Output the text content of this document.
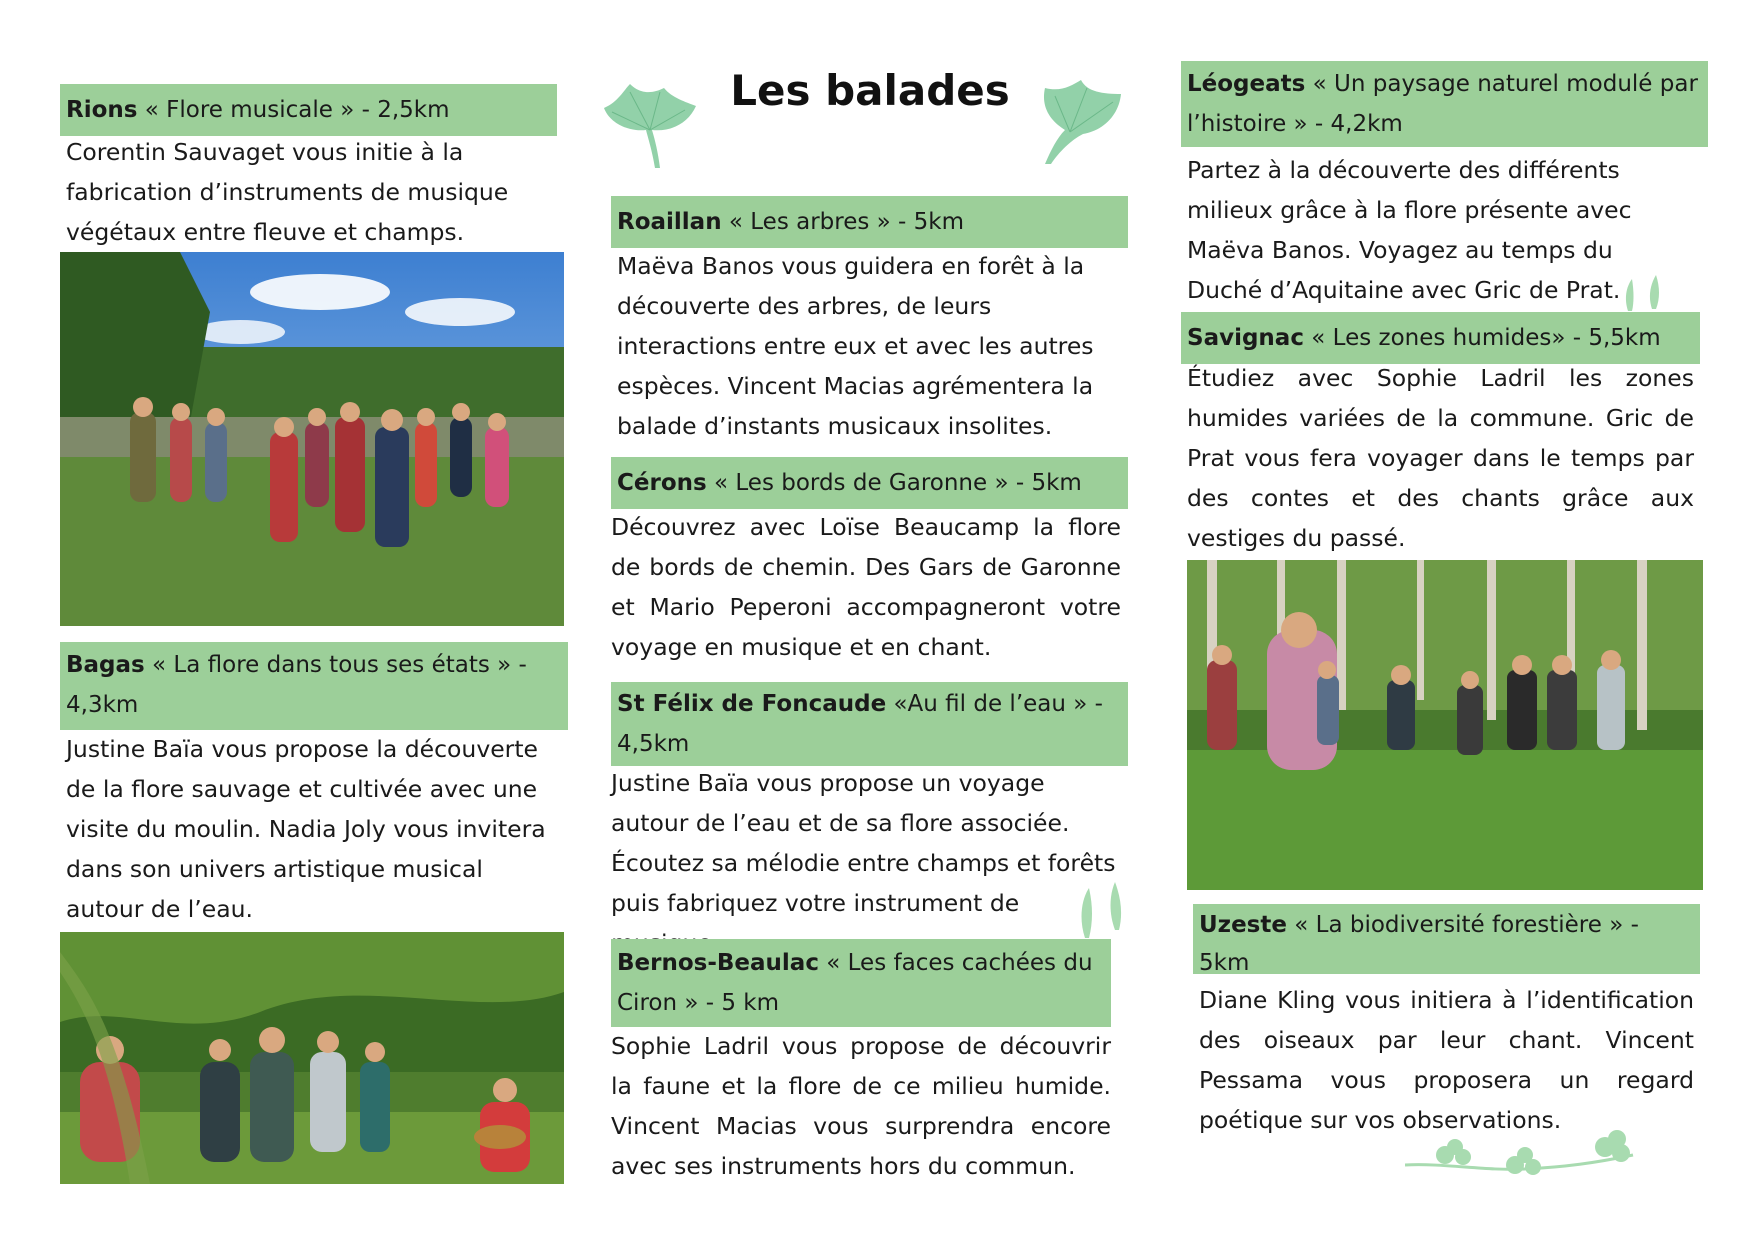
Les balades
Rions « Flore musicale » - 2,5km
Corentin Sauvaget vous initie à la fabrication d’instruments de musique végétaux entre fleuve et champs.
Bagas « La flore dans tous ses états » - 4,3km
Justine Baïa vous propose la découverte de la flore sauvage et cultivée avec une visite du moulin. Nadia Joly vous invitera dans son univers artistique musical autour de l’eau.
Roaillan « Les arbres » - 5km
Maëva Banos vous guidera en forêt à la découverte des arbres, de leurs interactions entre eux et avec les autres espèces. Vincent Macias agrémentera la balade d’instants musicaux insolites.
Cérons « Les bords de Garonne » - 5km
Découvrez avec Loïse Beaucamp la flore de bords de chemin. Des Gars de Garonne et Mario Peperoni accompagneront votre voyage en musique et en chant.
St Félix de Foncaude «Au fil de l’eau » - 4,5km
Justine Baïa vous propose un voyage autour de l’eau et de sa flore associée. Écoutez sa mélodie entre champs et forêts puis fabriquez votre instrument de
Bernos-Beaulac « Les faces cachées du Ciron » - 5 km
Sophie Ladril vous propose de découvrir la faune et la flore de ce milieu humide. Vincent Macias vous surprendra encore avec ses instruments hors du commun.
Léogeats « Un paysage naturel modulé par l’histoire » - 4,2km
Partez à la découverte des différents milieux grâce à la flore présente avec Maëva Banos. Voyagez au temps du Duché d’Aquitaine avec Gric de Prat.
Savignac « Les zones humides» - 5,5km
Étudiez avec Sophie Ladril les zones humides variées de la commune. Gric de Prat vous fera voyager dans le temps par des contes et des chants grâce aux vestiges du passé.
Uzeste « La biodiversité forestière » - 5km
Diane Kling vous initiera à l’identification des oiseaux par leur chant. Vincent Pessama vous proposera un regard poétique sur vos observations.
